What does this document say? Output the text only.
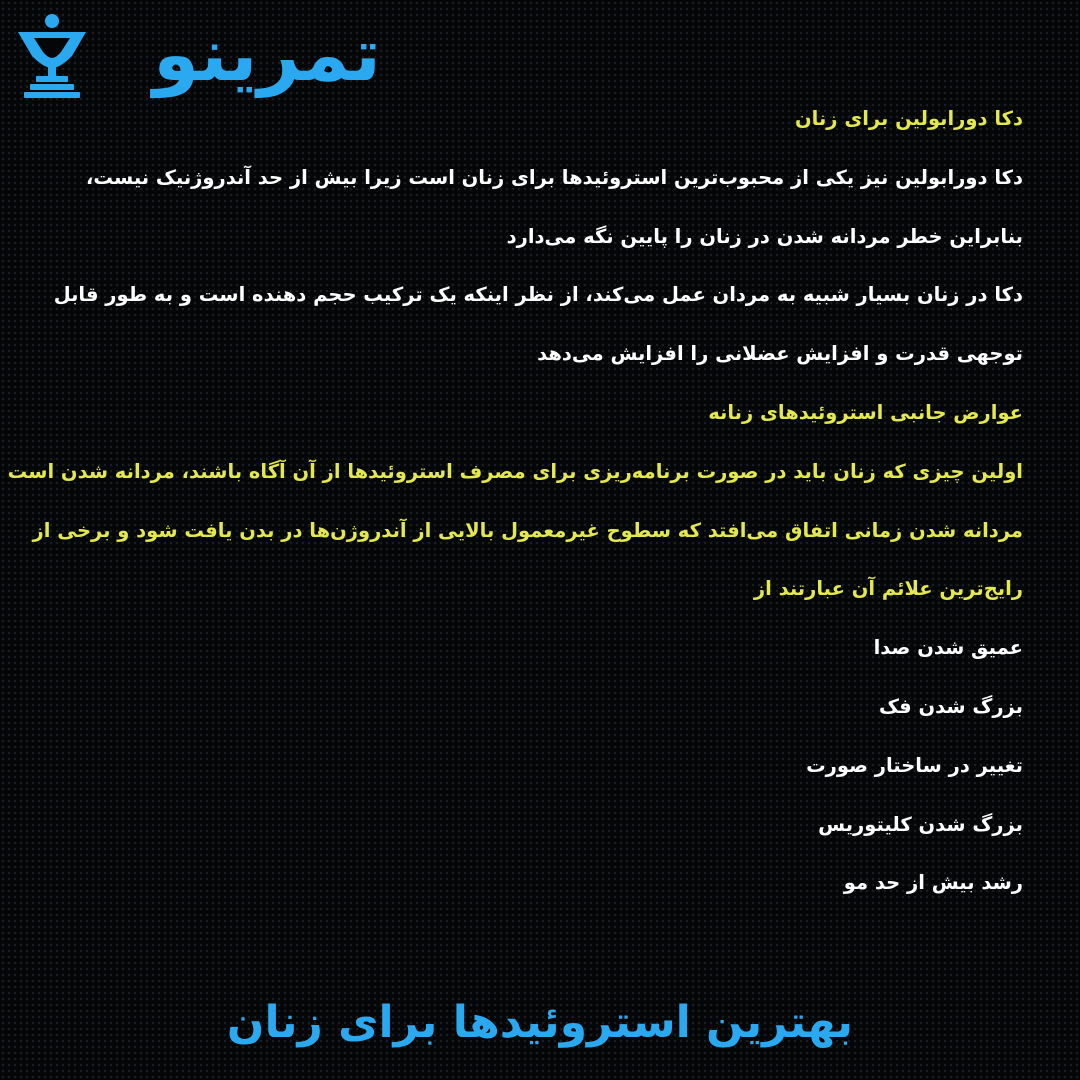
تمرینو
دکا دورابولین برای زنان
دکا دورابولین نیز یکی از محبوب‌ترین استروئیدها برای زنان است زیرا بیش از حد آندروژنیک نیست،
بنابراین خطر مردانه شدن در زنان را پایین نگه می‌دارد
دکا در زنان بسیار شبیه به مردان عمل می‌کند، از نظر اینکه یک ترکیب حجم دهنده است و به طور قابل
توجهی قدرت و افزایش عضلانی را افزایش می‌دهد
عوارض جانبی استروئیدهای زنانه
اولین چیزی که زنان باید در صورت برنامه‌ریزی برای مصرف استروئیدها از آن آگاه باشند، مردانه شدن است
مردانه شدن زمانی اتفاق می‌افتد که سطوح غیرمعمول بالایی از آندروژن‌ها در بدن یافت شود و برخی از
رایج‌ترین علائم آن عبارتند از
عمیق شدن صدا
بزرگ شدن فک
تغییر در ساختار صورت
بزرگ شدن کلیتوریس
رشد بیش از حد مو
بهترین استروئیدها برای زنان
